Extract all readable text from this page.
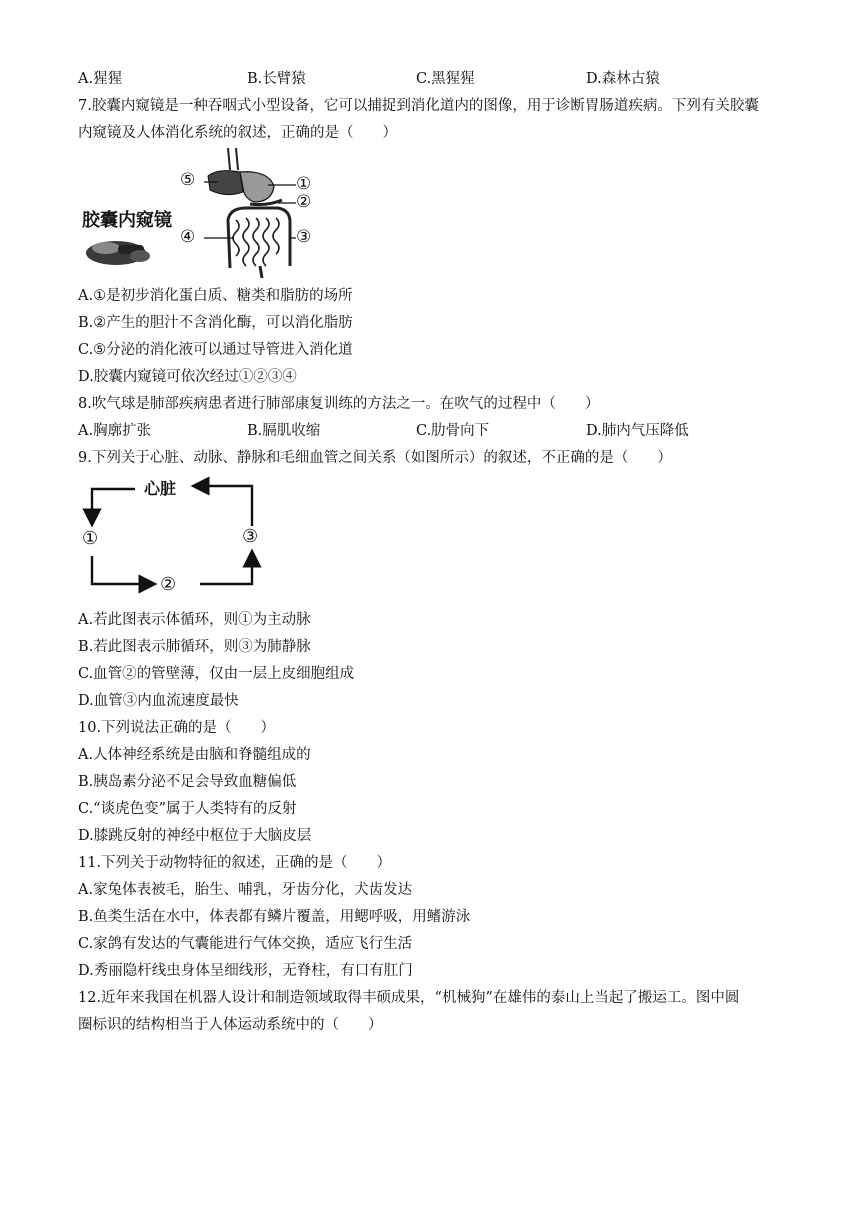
A.猩猩	B.长臂猿	C.黑猩猩	D.森林古猿
7.胶囊内窥镜是一种吞咽式小型设备，它可以捕捉到消化道内的图像，用于诊断胃肠道疾病。下列有关胶囊
内窥镜及人体消化系统的叙述，正确的是（　　）
胶囊内窥镜
⑤	①
②
③
④
A.①是初步消化蛋白质、糖类和脂肪的场所
B.②产生的胆汁不含消化酶，可以消化脂肪
C.⑤分泌的消化液可以通过导管进入消化道
D.胶囊内窥镜可依次经过①②③④
8.吹气球是肺部疾病患者进行肺部康复训练的方法之一。在吹气的过程中（　　）
A.胸廓扩张	B.膈肌收缩	C.肋骨向下	D.肺内气压降低
9.下列关于心脏、动脉、静脉和毛细血管之间关系（如图所示）的叙述，不正确的是（　　）
心脏
①
②
③
A.若此图表示体循环，则①为主动脉
B.若此图表示肺循环，则③为肺静脉
C.血管②的管壁薄，仅由一层上皮细胞组成
D.血管③内血流速度最快
10.下列说法正确的是（　　）
A.人体神经系统是由脑和脊髓组成的
B.胰岛素分泌不足会导致血糖偏低
C.“谈虎色变”属于人类特有的反射
D.膝跳反射的神经中枢位于大脑皮层
11.下列关于动物特征的叙述，正确的是（　　）
A.家兔体表被毛，胎生、哺乳，牙齿分化，犬齿发达
B.鱼类生活在水中，体表都有鳞片覆盖，用鳃呼吸，用鳍游泳
C.家鸽有发达的气囊能进行气体交换，适应飞行生活
D.秀丽隐杆线虫身体呈细线形，无脊柱，有口有肛门
12.近年来我国在机器人设计和制造领域取得丰硕成果，“机械狗”在雄伟的泰山上当起了搬运工。图中圆
圈标识的结构相当于人体运动系统中的（　　）
